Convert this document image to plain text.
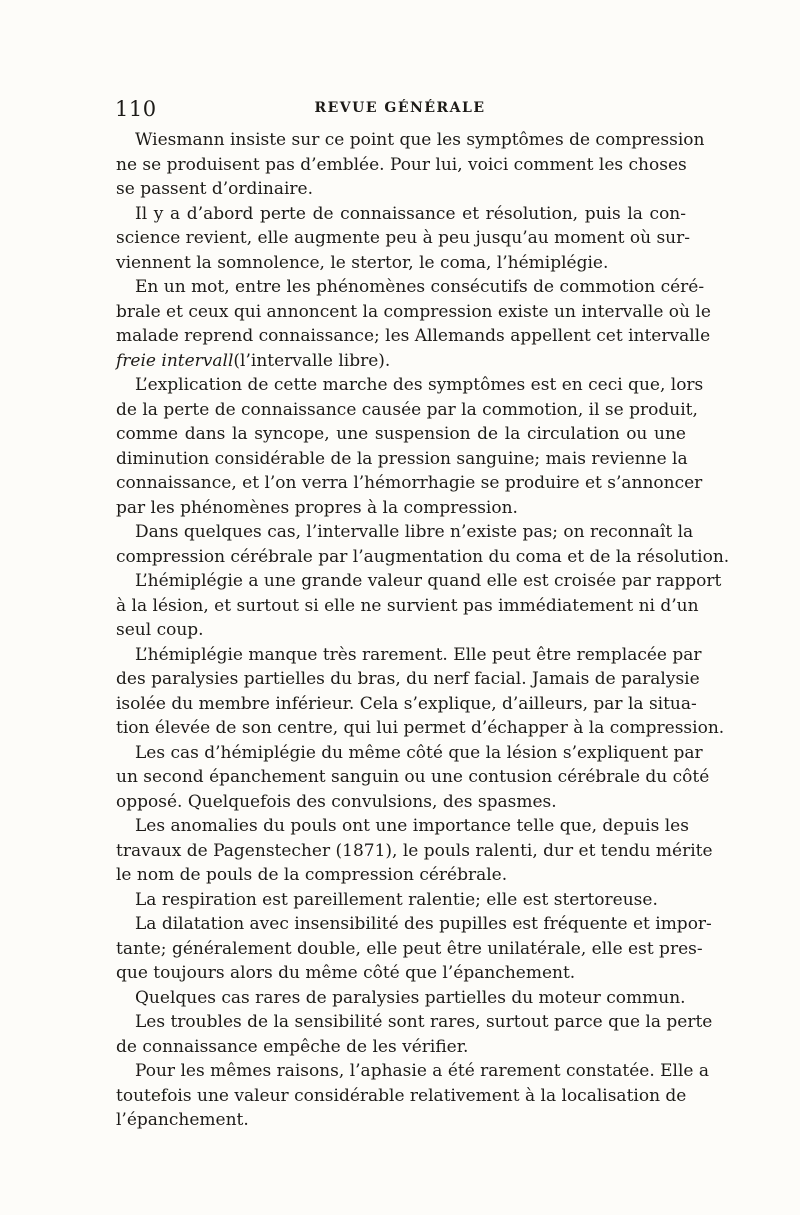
110	REVUE GÉNÉRALE
Wiesmann insiste sur ce point que les symptômes de compression
ne se produisent pas d’emblée. Pour lui, voici comment les choses
se passent d’ordinaire.
Il y a d’abord perte de connaissance et résolution, puis la con-
science revient, elle augmente peu à peu jusqu’au moment où sur-
viennent la somnolence, le stertor, le coma, l’hémiplégie.
En un mot, entre les phénomènes consécutifs de commotion céré-
brale et ceux qui annoncent la compression existe un intervalle où le
malade reprend connaissance; les Allemands appellent cet intervalle
freie intervall(l’intervalle libre).
L’explication de cette marche des symptômes est en ceci que, lors
de la perte de connaissance causée par la commotion, il se produit,
comme dans la syncope, une suspension de la circulation ou une
diminution considérable de la pression sanguine; mais revienne la
connaissance, et l’on verra l’hémorrhagie se produire et s’annoncer
par les phénomènes propres à la compression.
Dans quelques cas, l’intervalle libre n’existe pas; on reconnaît la
compression cérébrale par l’augmentation du coma et de la résolution.
L’hémiplégie a une grande valeur quand elle est croisée par rapport
à la lésion, et surtout si elle ne survient pas immédiatement ni d’un
seul coup.
L’hémiplégie manque très rarement. Elle peut être remplacée par
des paralysies partielles du bras, du nerf facial. Jamais de paralysie
isolée du membre inférieur. Cela s’explique, d’ailleurs, par la situa-
tion élevée de son centre, qui lui permet d’échapper à la compression.
Les cas d’hémiplégie du même côté que la lésion s’expliquent par
un second épanchement sanguin ou une contusion cérébrale du côté
opposé. Quelquefois des convulsions, des spasmes.
Les anomalies du pouls ont une importance telle que, depuis les
travaux de Pagenstecher (1871), le pouls ralenti, dur et tendu mérite
le nom de pouls de la compression cérébrale.
La respiration est pareillement ralentie; elle est stertoreuse.
La dilatation avec insensibilité des pupilles est fréquente et impor-
tante; généralement double, elle peut être unilatérale, elle est pres-
que toujours alors du même côté que l’épanchement.
Quelques cas rares de paralysies partielles du moteur commun.
Les troubles de la sensibilité sont rares, surtout parce que la perte
de connaissance empêche de les vérifier.
Pour les mêmes raisons, l’aphasie a été rarement constatée. Elle a
toutefois une valeur considérable relativement à la localisation de
l’épanchement.
